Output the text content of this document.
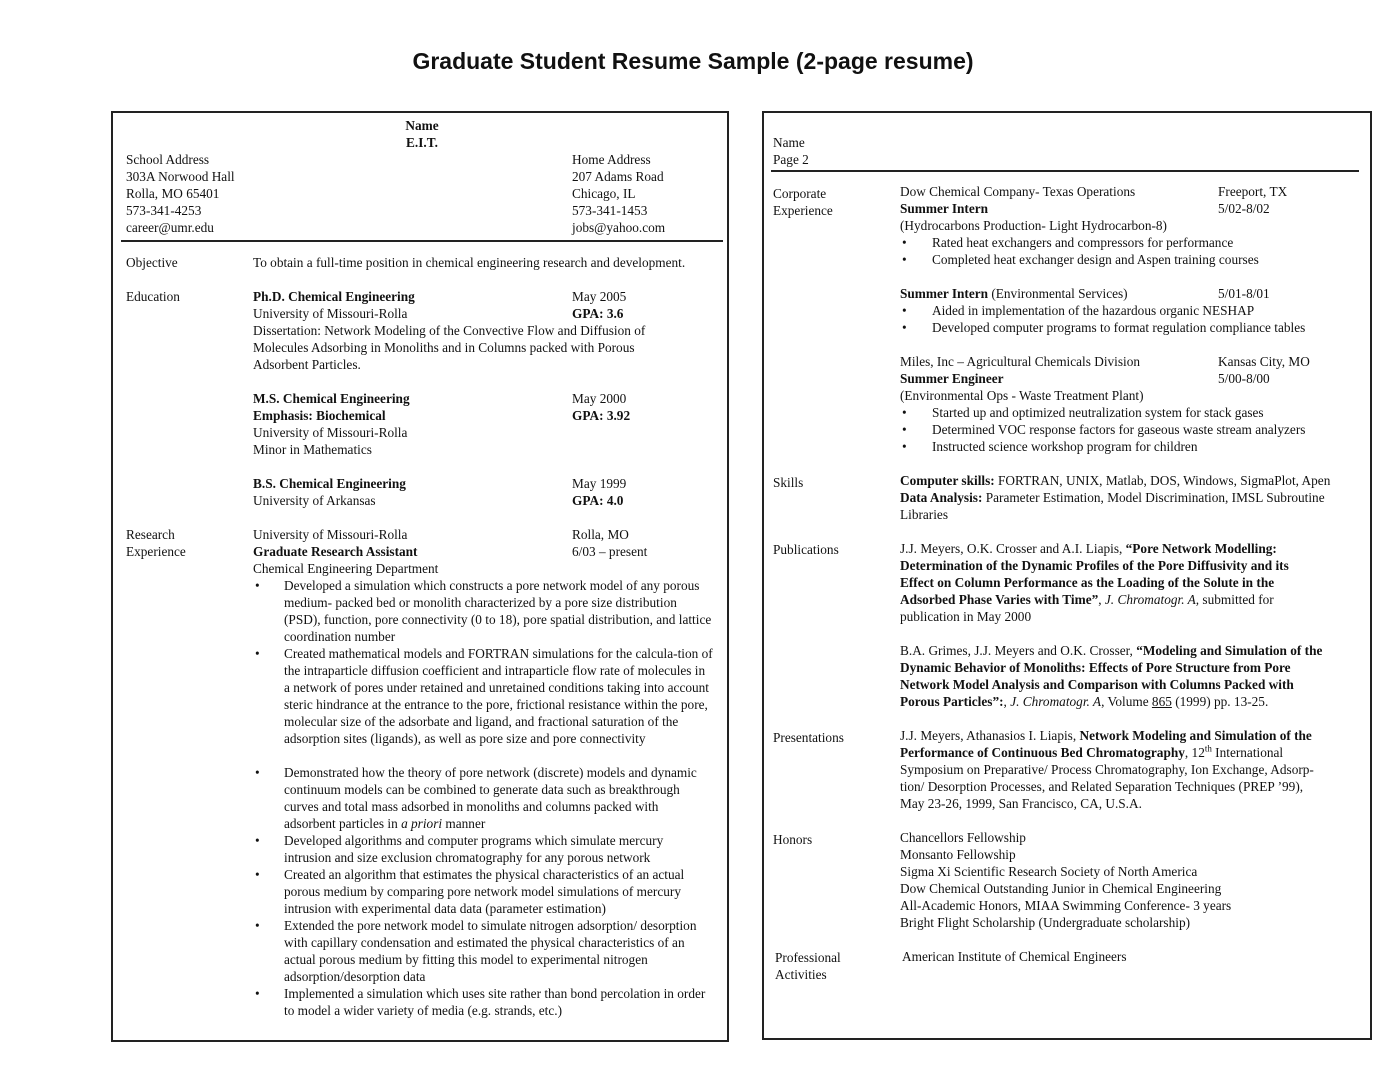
Graduate Student Resume Sample (2-page resume)
Name
E.I.T.
School Address
303A Norwood Hall
Rolla, MO 65401
573-341-4253
career@umr.edu
Home Address
207 Adams Road
Chicago, IL
573-341-1453
jobs@yahoo.com
Objective	To obtain a full-time position in chemical engineering research and development.
Education	Ph.D. Chemical Engineering	May 2005
University of Missouri-Rolla	GPA: 3.6
Dissertation: Network Modeling of the Convective Flow and Diffusion of
Molecules Adsorbing in Monoliths and in Columns packed with Porous
Adsorbent Particles.
M.S. Chemical Engineering	May 2000
Emphasis: Biochemical	GPA: 3.92
University of Missouri-Rolla
Minor in Mathematics
B.S. Chemical Engineering	May 1999
University of Arkansas	GPA: 4.0
Research
Experience
University of Missouri-Rolla	Rolla, MO
Graduate Research Assistant	6/03 – present
Chemical Engineering Department
• Developed a simulation which constructs a pore network model of any porous medium- packed bed or monolith characterized by a pore size distribution (PSD), function, pore connectivity (0 to 18), pore spatial distribution, and lattice coordination number
• Created mathematical models and FORTRAN simulations for the calcula-tion of the intraparticle diffusion coefficient and intraparticle flow rate of molecules in a network of pores under retained and unretained conditions taking into account steric hindrance at the entrance to the pore, frictional resistance within the pore, molecular size of the adsorbate and ligand, and fractional saturation of the adsorption sites (ligands), as well as pore size and pore connectivity
• Demonstrated how the theory of pore network (discrete) models and dynamic continuum models can be combined to generate data such as breakthrough curves and total mass adsorbed in monoliths and columns packed with adsorbent particles in a priori manner
• Developed algorithms and computer programs which simulate mercury intrusion and size exclusion chromatography for any porous network
• Created an algorithm that estimates the physical characteristics of an actual porous medium by comparing pore network model simulations of mercury intrusion with experimental data data (parameter estimation)
• Extended the pore network model to simulate nitrogen adsorption/ desorption with capillary condensation and estimated the physical characteristics of an actual porous medium by fitting this model to experimental nitrogen adsorption/desorption data
• Implemented a simulation which uses site rather than bond percolation in order to model a wider variety of media (e.g. strands, etc.)
Name
Page 2
Corporate
Experience
Dow Chemical Company- Texas Operations	Freeport, TX
Summer Intern	5/02-8/02
(Hydrocarbons Production- Light Hydrocarbon-8)
• Rated heat exchangers and compressors for performance
• Completed heat exchanger design and Aspen training courses
Summer Intern (Environmental Services)	5/01-8/01
• Aided in implementation of the hazardous organic NESHAP
• Developed computer programs to format regulation compliance tables
Miles, Inc – Agricultural Chemicals Division	Kansas City, MO
Summer Engineer	5/00-8/00
(Environmental Ops - Waste Treatment Plant)
• Started up and optimized neutralization system for stack gases
• Determined VOC response factors for gaseous waste stream analyzers
• Instructed science workshop program for children
Skills	Computer skills: FORTRAN, UNIX, Matlab, DOS, Windows, SigmaPlot, Apen
Data Analysis: Parameter Estimation, Model Discrimination, IMSL Subroutine
Libraries
Publications	J.J. Meyers, O.K. Crosser and A.I. Liapis, “Pore Network Modelling:
Determination of the Dynamic Profiles of the Pore Diffusivity and its
Effect on Column Performance as the Loading of the Solute in the
Adsorbed Phase Varies with Time”, J. Chromatogr. A, submitted for
publication in May 2000
B.A. Grimes, J.J. Meyers and O.K. Crosser, “Modeling and Simulation of the
Dynamic Behavior of Monoliths: Effects of Pore Structure from Pore
Network Model Analysis and Comparison with Columns Packed with
Porous Particles”:, J. Chromatogr. A, Volume 865 (1999) pp. 13-25.
Presentations	J.J. Meyers, Athanasios I. Liapis, Network Modeling and Simulation of the
Performance of Continuous Bed Chromatography, 12th International
Symposium on Preparative/ Process Chromatography, Ion Exchange, Adsorp-
tion/ Desorption Processes, and Related Separation Techniques (PREP ’99),
May 23-26, 1999, San Francisco, CA, U.S.A.
Honors	Chancellors Fellowship
Monsanto Fellowship
Sigma Xi Scientific Research Society of North America
Dow Chemical Outstanding Junior in Chemical Engineering
All-Academic Honors, MIAA Swimming Conference- 3 years
Bright Flight Scholarship (Undergraduate scholarship)
Professional
Activities
American Institute of Chemical Engineers
